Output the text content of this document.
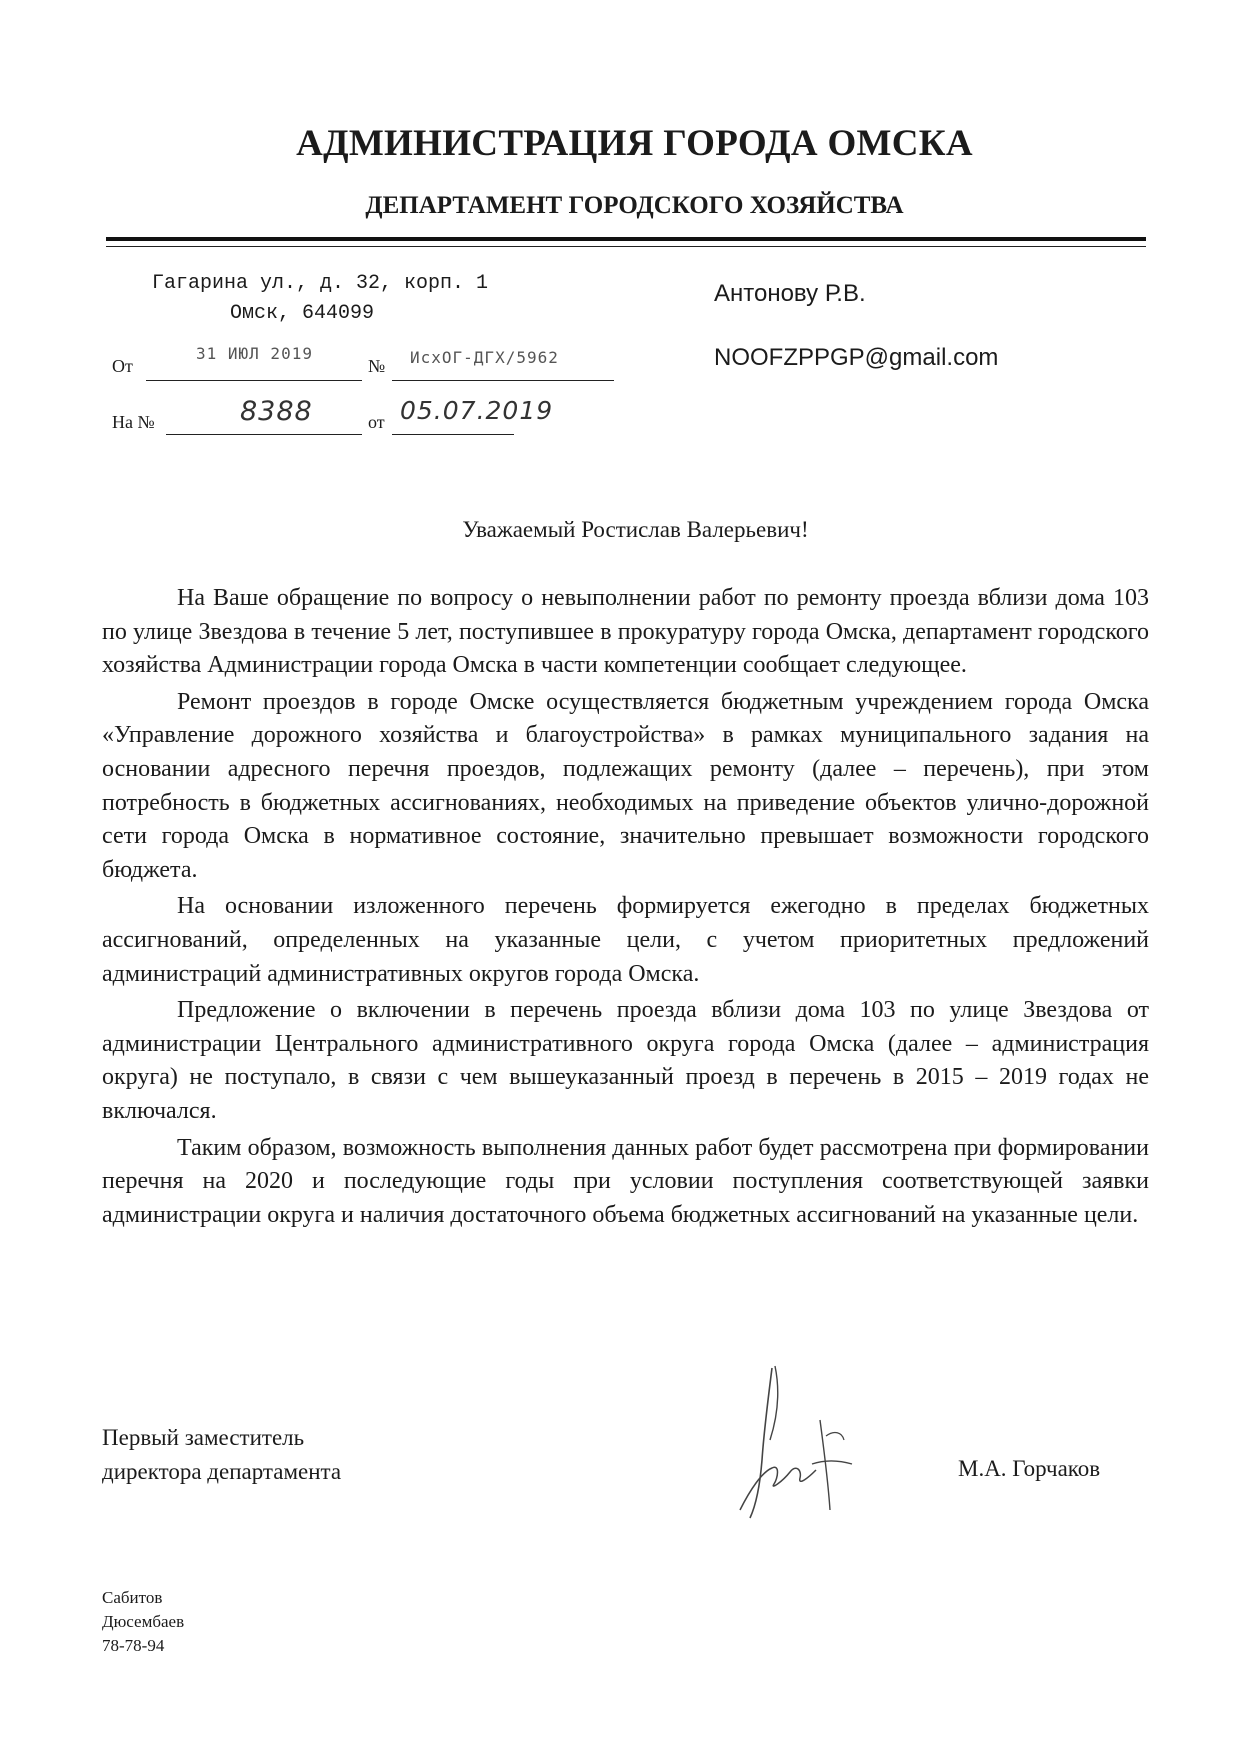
АДМИНИСТРАЦИЯ ГОРОДА ОМСКА
ДЕПАРТАМЕНТ ГОРОДСКОГО ХОЗЯЙСТВА
Гагарина ул., д. 32, корп. 1
Омск, 644099
От
31 ИЮЛ 2019
№ ИсхОГ-ДГХ/5962
На №	8388	от 05.07.2019
Антонову Р.В.
NOOFZPPGP@gmail.com
Уважаемый Ростислав Валерьевич!

На Ваше обращение по вопросу о невыполнении работ по ремонту проезда вблизи дома 103 по улице Звездова в течение 5 лет, поступившее в прокуратуру города Омска, департамент городского хозяйства Администрации города Омска в части компетенции сообщает следующее.

Ремонт проездов в городе Омске осуществляется бюджетным учреждением города Омска «Управление дорожного хозяйства и благоустройства» в рамках муниципального задания на основании адресного перечня проездов, подлежащих ремонту (далее – перечень), при этом потребность в бюджетных ассигнованиях, необходимых на приведение объектов улично-дорожной сети города Омска в нормативное состояние, значительно превышает возможности городского бюджета.

На основании изложенного перечень формируется ежегодно в пределах бюджетных ассигнований, определенных на указанные цели, с учетом приоритетных предложений администраций административных округов города Омска.

Предложение о включении в перечень проезда вблизи дома 103 по улице Звездова от администрации Центрального административного округа города Омска (далее – администрация округа) не поступало, в связи с чем вышеуказанный проезд в перечень в 2015 – 2019 годах не включался.

Таким образом, возможность выполнения данных работ будет рассмотрена при формировании перечня на 2020 и последующие годы при условии поступления соответствующей заявки администрации округа и наличия достаточного объема бюджетных ассигнований на указанные цели.

Первый заместитель
директора департамента	М.А. Горчаков
Сабитов
Дюсембаев
78-78-94
